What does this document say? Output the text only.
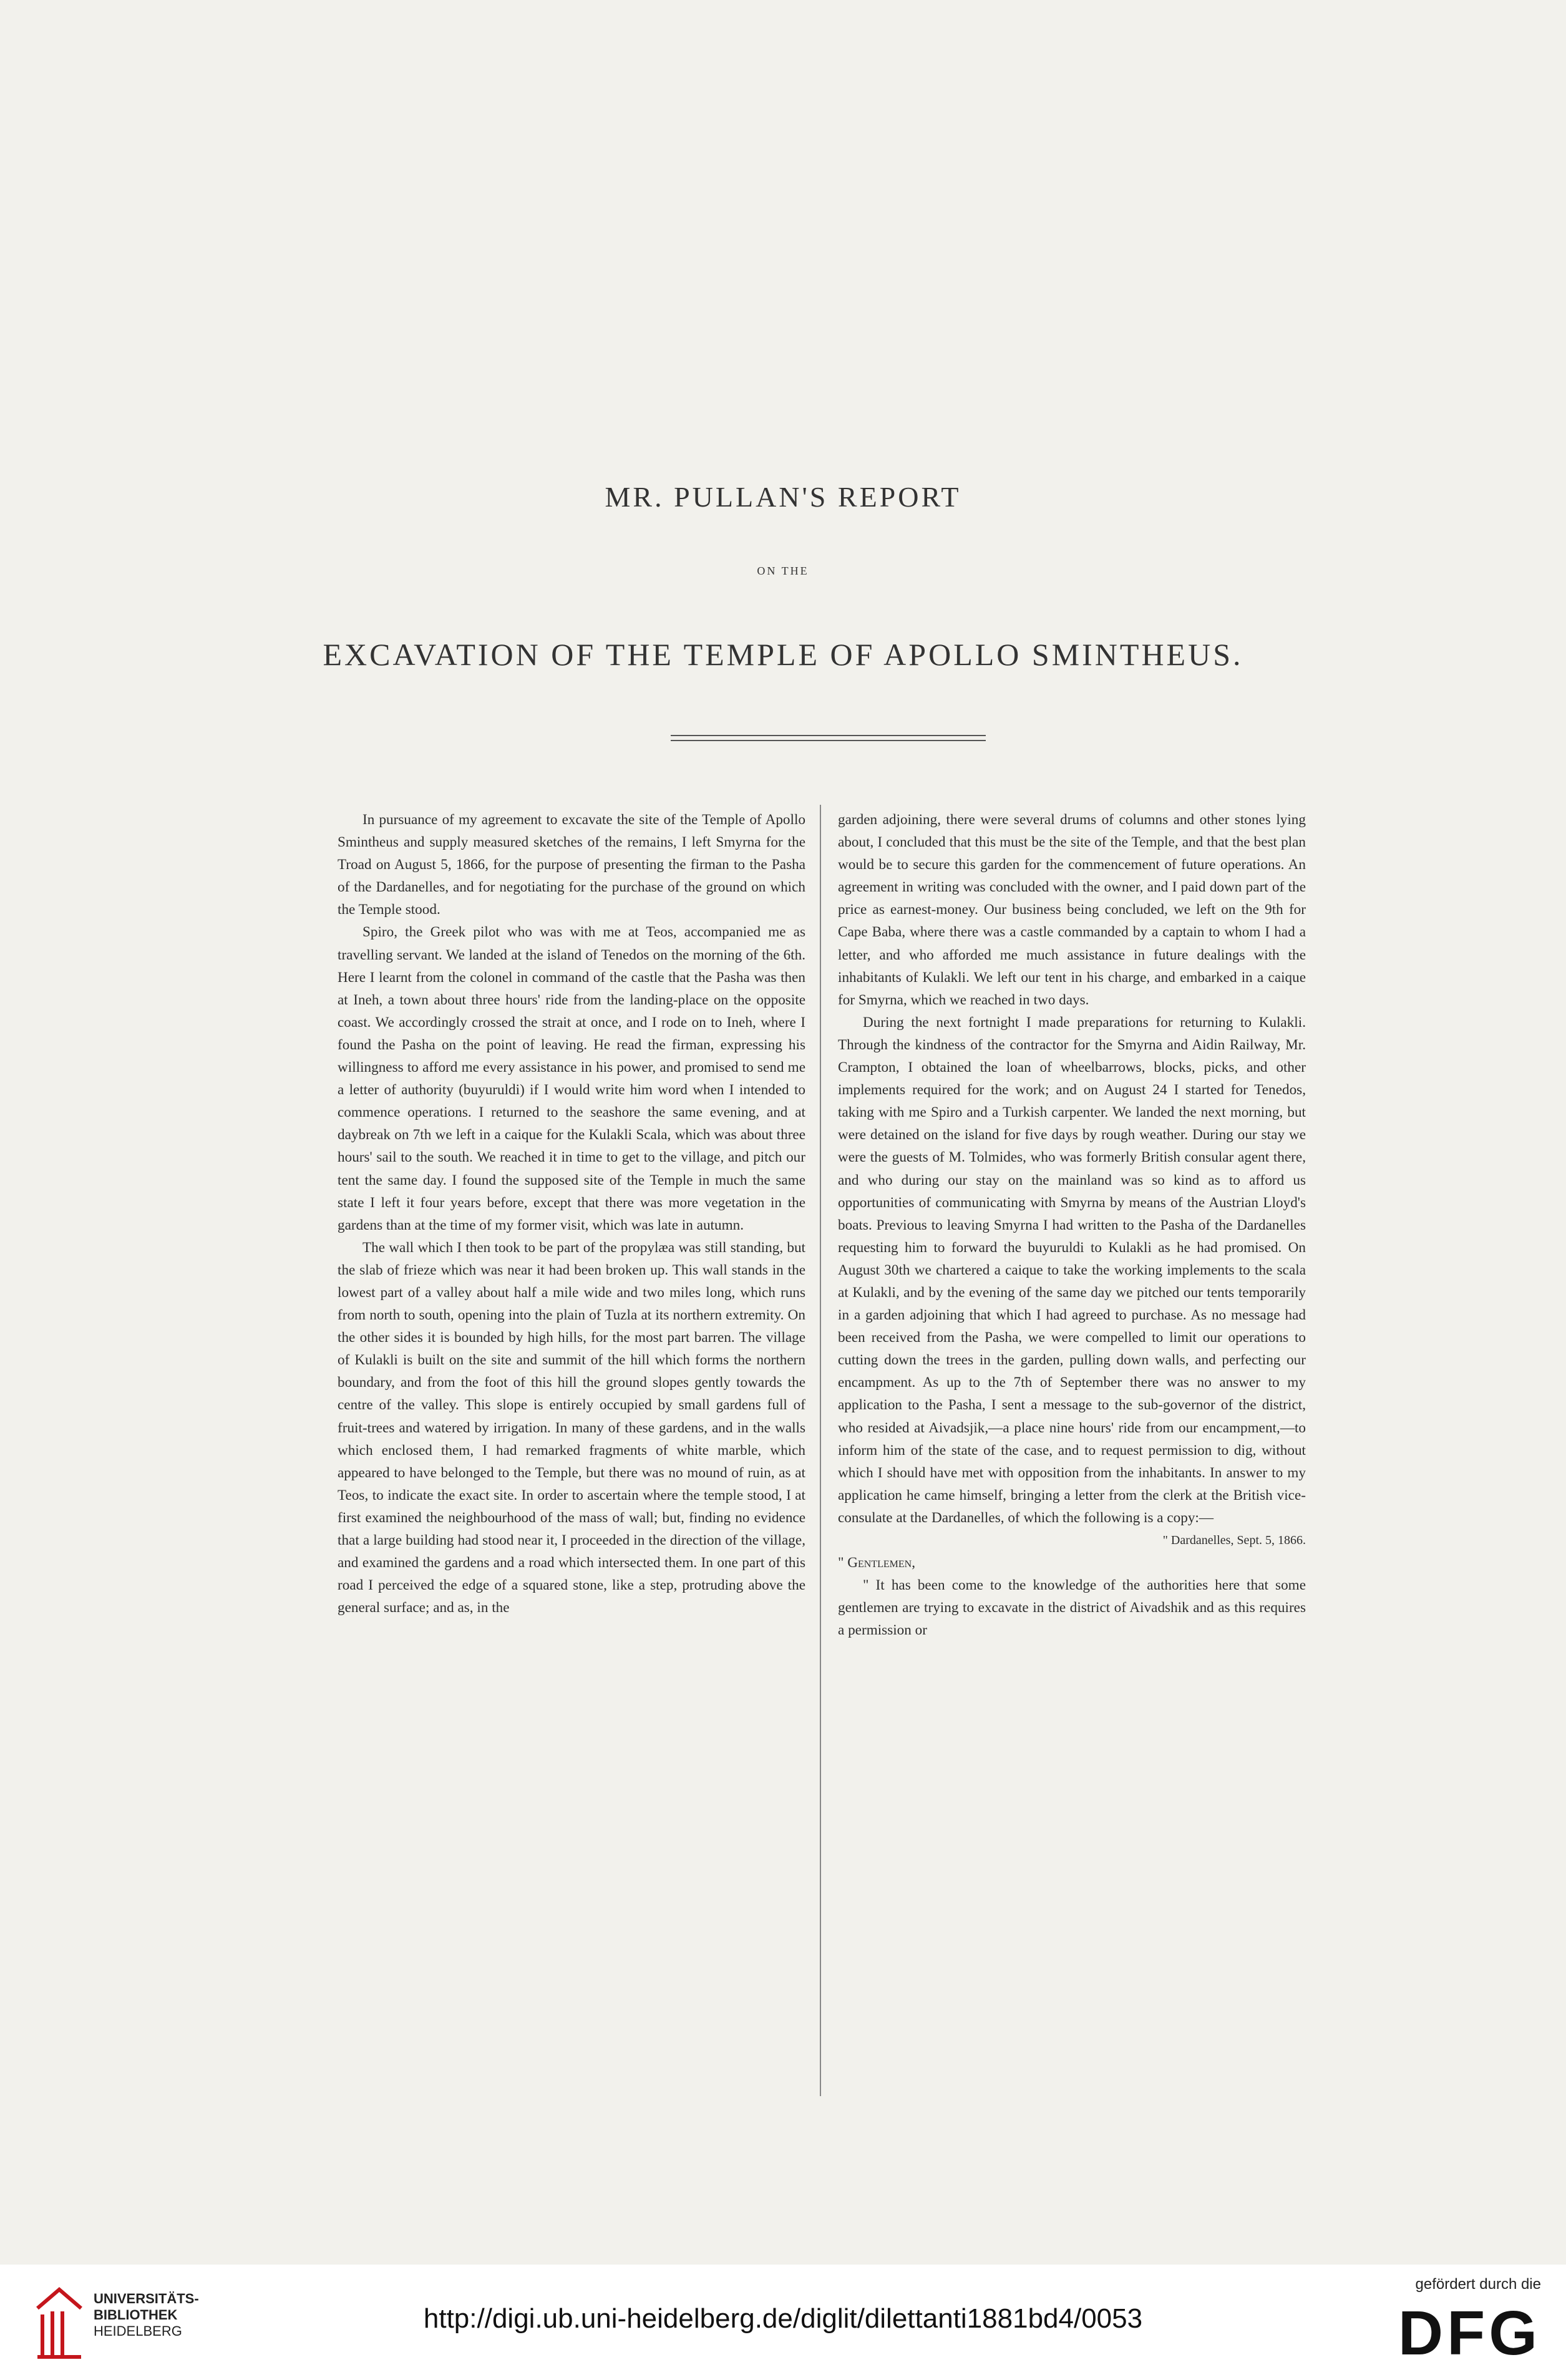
MR. PULLAN'S REPORT
ON THE
EXCAVATION OF THE TEMPLE OF APOLLO SMINTHEUS.

In pursuance of my agreement to excavate the site of the Temple of Apollo Smintheus and supply measured sketches of the remains, I left Smyrna for the Troad on August 5, 1866, for the purpose of presenting the firman to the Pasha of the Dardanelles, and for negotiating for the purchase of the ground on which the Temple stood.

Spiro, the Greek pilot who was with me at Teos, accompanied me as travelling servant. We landed at the island of Tenedos on the morning of the 6th. Here I learnt from the colonel in command of the castle that the Pasha was then at Ineh, a town about three hours' ride from the landing-place on the opposite coast. We accordingly crossed the strait at once, and I rode on to Ineh, where I found the Pasha on the point of leaving. He read the firman, expressing his willingness to afford me every assistance in his power, and promised to send me a letter of authority (buyuruldi) if I would write him word when I intended to commence operations. I returned to the seashore the same evening, and at daybreak on 7th we left in a caique for the Kulakli Scala, which was about three hours' sail to the south. We reached it in time to get to the village, and pitch our tent the same day. I found the supposed site of the Temple in much the same state I left it four years before, except that there was more vegetation in the gardens than at the time of my former visit, which was late in autumn.

The wall which I then took to be part of the propylæa was still standing, but the slab of frieze which was near it had been broken up. This wall stands in the lowest part of a valley about half a mile wide and two miles long, which runs from north to south, opening into the plain of Tuzla at its northern extremity. On the other sides it is bounded by high hills, for the most part barren. The village of Kulakli is built on the site and summit of the hill which forms the northern boundary, and from the foot of this hill the ground slopes gently towards the centre of the valley. This slope is entirely occupied by small gardens full of fruit-trees and watered by irrigation. In many of these gardens, and in the walls which enclosed them, I had remarked fragments of white marble, which appeared to have belonged to the Temple, but there was no mound of ruin, as at Teos, to indicate the exact site. In order to ascertain where the temple stood, I at first examined the neighbourhood of the mass of wall; but, finding no evidence that a large building had stood near it, I proceeded in the direction of the village, and examined the gardens and a road which intersected them. In one part of this road I perceived the edge of a squared stone, like a step, protruding above the general surface; and as, in the

garden adjoining, there were several drums of columns and other stones lying about, I concluded that this must be the site of the Temple, and that the best plan would be to secure this garden for the commencement of future operations. An agreement in writing was concluded with the owner, and I paid down part of the price as earnest-money. Our business being concluded, we left on the 9th for Cape Baba, where there was a castle commanded by a captain to whom I had a letter, and who afforded me much assistance in future dealings with the inhabitants of Kulakli. We left our tent in his charge, and embarked in a caique for Smyrna, which we reached in two days.

During the next fortnight I made preparations for returning to Kulakli. Through the kindness of the contractor for the Smyrna and Aidin Railway, Mr. Crampton, I obtained the loan of wheelbarrows, blocks, picks, and other implements required for the work; and on August 24 I started for Tenedos, taking with me Spiro and a Turkish carpenter. We landed the next morning, but were detained on the island for five days by rough weather. During our stay we were the guests of M. Tolmides, who was formerly British consular agent there, and who during our stay on the mainland was so kind as to afford us opportunities of communicating with Smyrna by means of the Austrian Lloyd's boats. Previous to leaving Smyrna I had written to the Pasha of the Dardanelles requesting him to forward the buyuruldi to Kulakli as he had promised. On August 30th we chartered a caique to take the working implements to the scala at Kulakli, and by the evening of the same day we pitched our tents temporarily in a garden adjoining that which I had agreed to purchase. As no message had been received from the Pasha, we were compelled to limit our operations to cutting down the trees in the garden, pulling down walls, and perfecting our encampment. As up to the 7th of September there was no answer to my application to the Pasha, I sent a message to the sub-governor of the district, who resided at Aivadsjik,—a place nine hours' ride from our encampment,—to inform him of the state of the case, and to request permission to dig, without which I should have met with opposition from the inhabitants. In answer to my application he came himself, bringing a letter from the clerk at the British vice-consulate at the Dardanelles, of which the following is a copy:—

" Dardanelles, Sept. 5, 1866.

" Gentlemen,

" It has been come to the knowledge of the authorities here that some gentlemen are trying to excavate in the district of Aivadshik and as this requires a permission or

UNIVERSITÄTS-
BIBLIOTHEK
HEIDELBERG	http://digi.ub.uni-heidelberg.de/diglit/dilettanti1881bd4/0053
gefördert durch die
DFG
